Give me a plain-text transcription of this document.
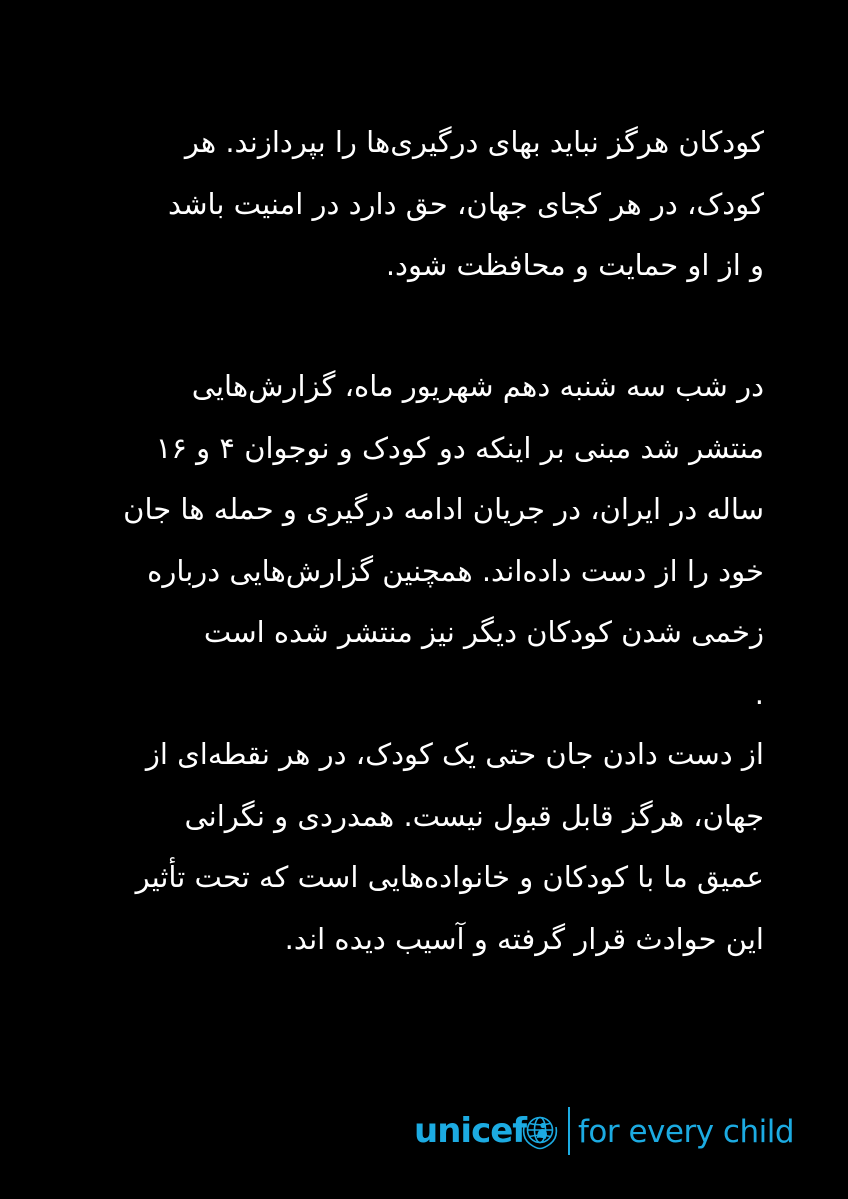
کودکان هرگز نباید بهای درگیری‌ها را بپردازند. هر
کودک، در هر کجای جهان، حق دارد در امنیت باشد
و از او حمایت و محافظت شود.
در شب سه شنبه دهم شهریور ماه، گزارش‌هایی
منتشر شد مبنی بر اینکه دو کودک و نوجوان ۴ و ۱۶
ساله در ایران، در جریان ادامه درگیری و حمله ها جان
خود را از دست داده‌اند. همچنین گزارش‌هایی درباره
زخمی شدن کودکان دیگر نیز منتشر شده است
.
از دست دادن جان حتی یک کودک، در هر نقطه‌ای از
جهان، هرگز قابل قبول نیست. همدردی و نگرانی
عمیق ما با کودکان و خانواده‌هایی است که تحت تأثیر
این حوادث قرار گرفته و آسیب دیده اند.
unicef for every child
